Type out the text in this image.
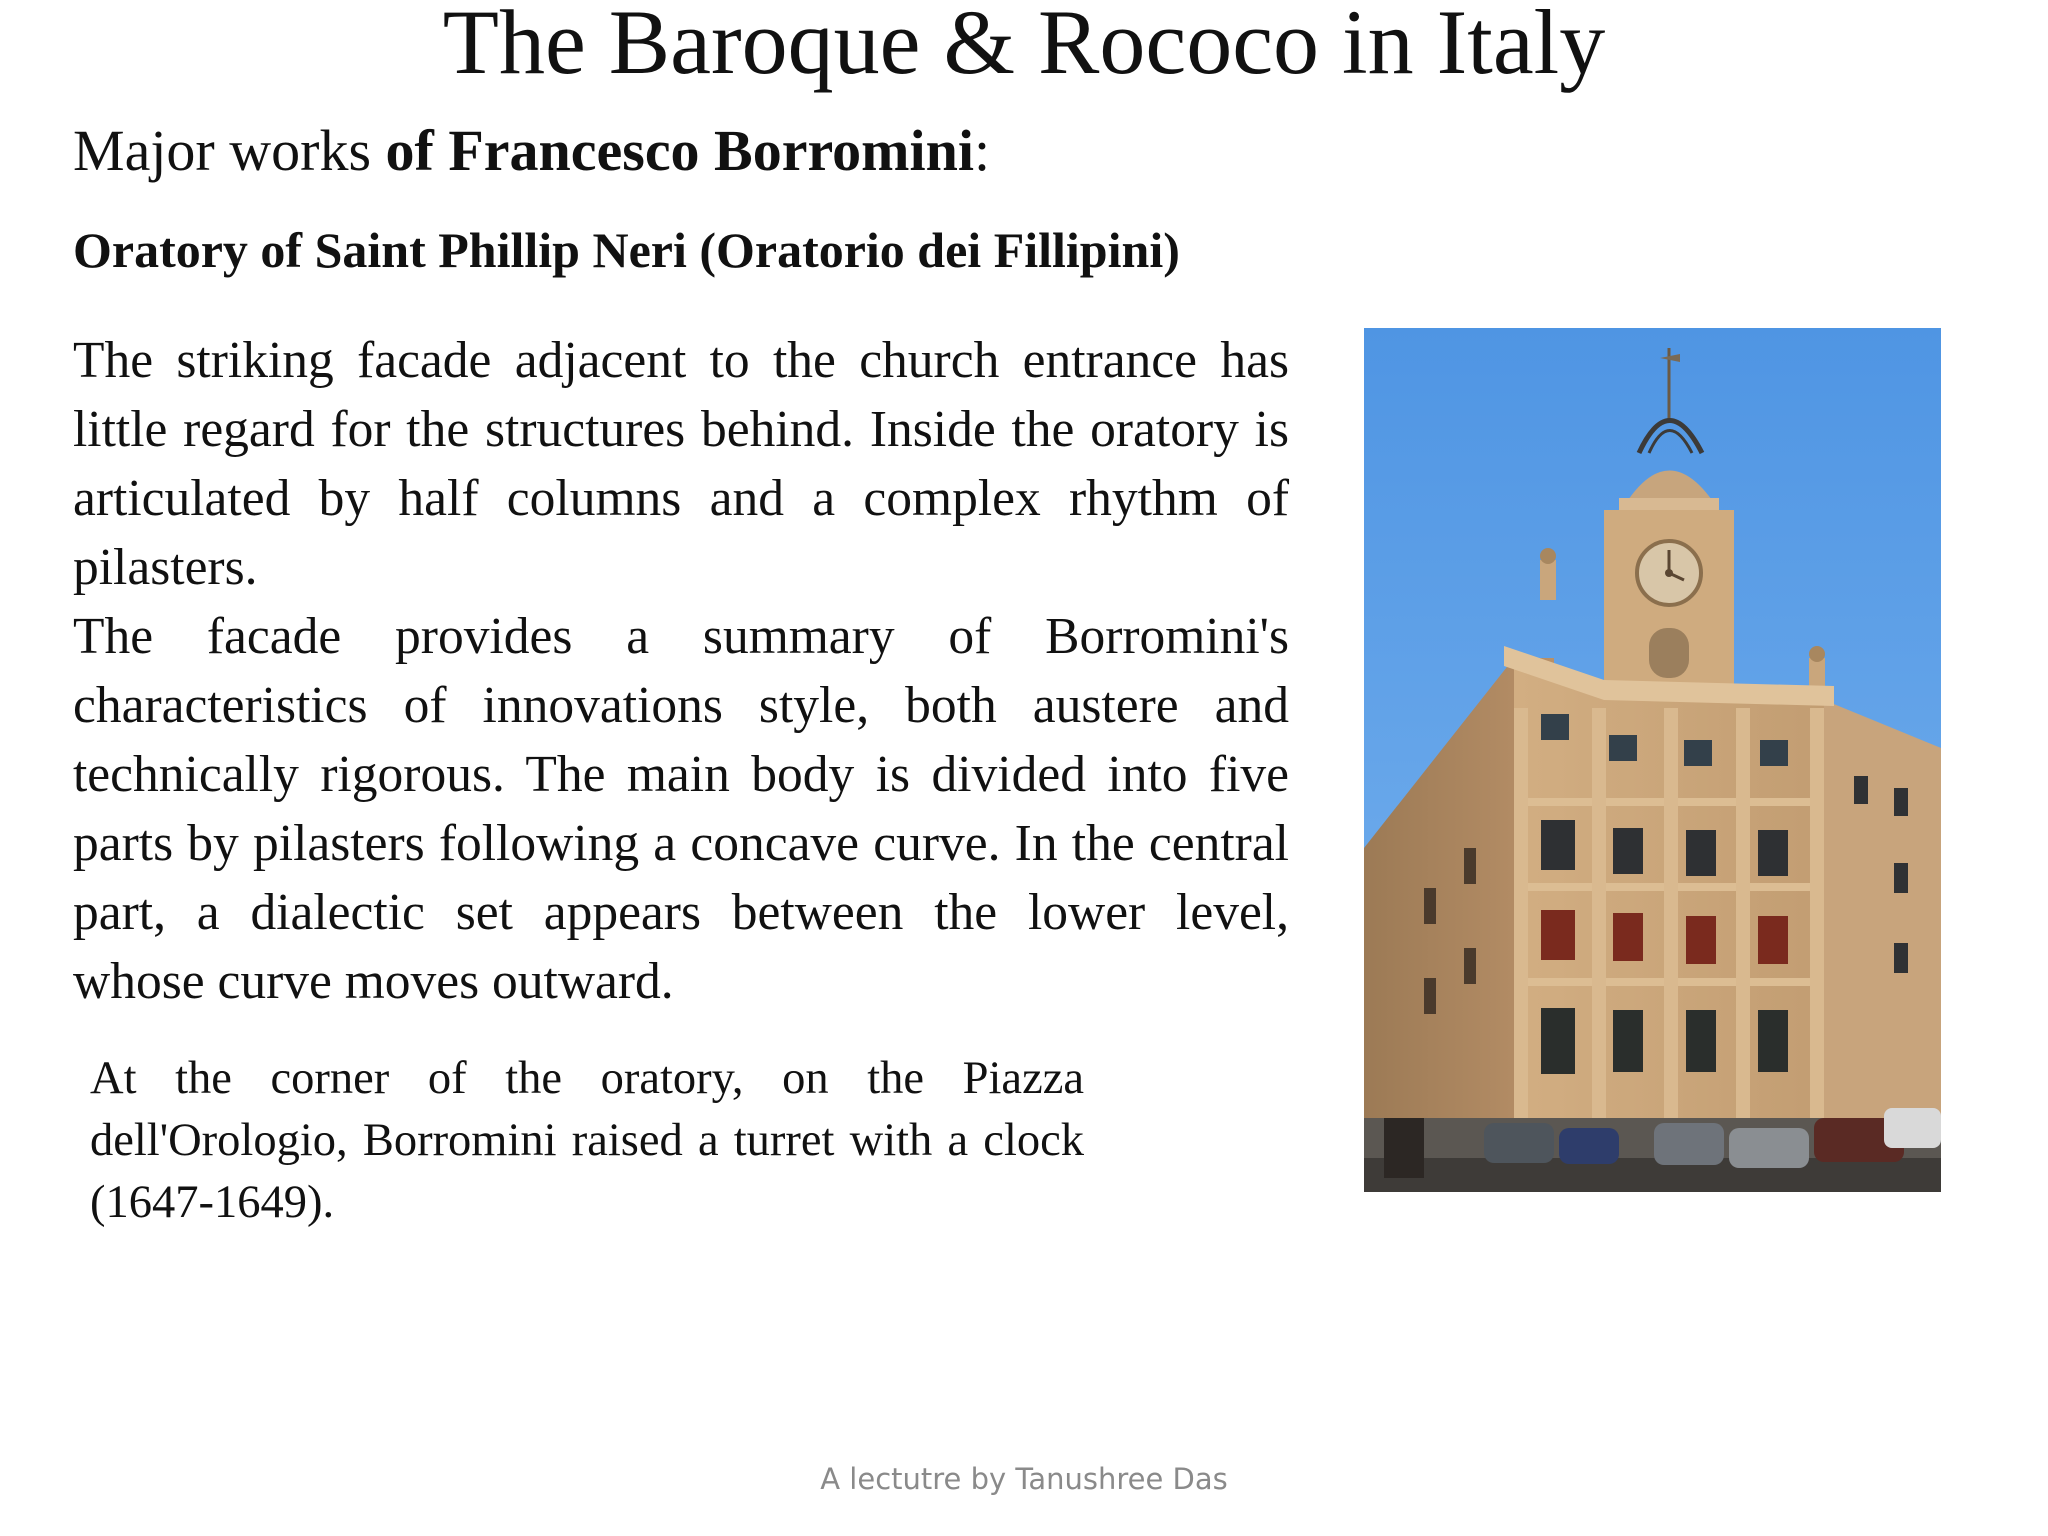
The Baroque & Rococo in Italy
Major works of Francesco Borromini:
Oratory of Saint Phillip Neri (Oratorio dei Fillipini)

The striking facade adjacent to the church entrance has little regard for the structures behind. Inside the oratory is articulated by half columns and a complex rhythm of pilasters.

The facade provides a summary of Borromini's characteristics of innovations style, both austere and technically rigorous. The main body is divided into five parts by pilasters following a concave curve. In the central part, a dialectic set appears between the lower level, whose curve moves outward.

At the corner of the oratory, on the Piazza dell'Orologio, Borromini raised a turret with a clock (1647-1649).
A lectutre by Tanushree Das
